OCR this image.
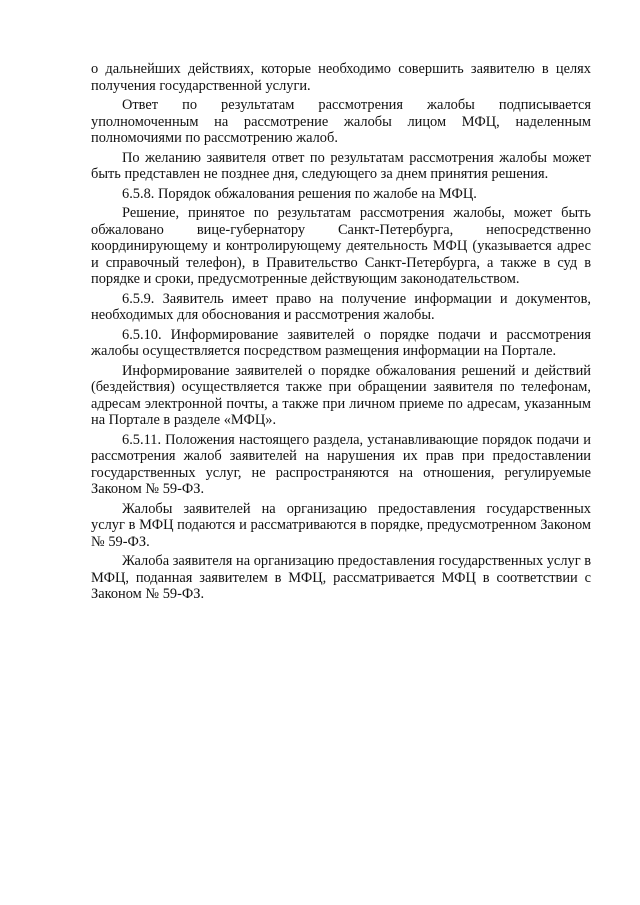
о дальнейших действиях, которые необходимо совершить заявителю в целях получения государственной услуги.

Ответ по результатам рассмотрения жалобы подписывается уполномоченным на рассмотрение жалобы лицом МФЦ, наделенным полномочиями по рассмотрению жалоб.

По желанию заявителя ответ по результатам рассмотрения жалобы может быть представлен не позднее дня, следующего за днем принятия решения.

6.5.8. Порядок обжалования решения по жалобе на МФЦ.

Решение, принятое по результатам рассмотрения жалобы, может быть обжаловано вице-губернатору Санкт-Петербурга, непосредственно координирующему и контролирующему деятельность МФЦ (указывается адрес и справочный телефон), в Правительство Санкт-Петербурга, а также в суд в порядке и сроки, предусмотренные действующим законодательством.

6.5.9. Заявитель имеет право на получение информации и документов, необходимых для обоснования и рассмотрения жалобы.

6.5.10. Информирование заявителей о порядке подачи и рассмотрения жалобы осуществляется посредством размещения информации на Портале.

Информирование заявителей о порядке обжалования решений и действий (бездействия) осуществляется также при обращении заявителя по телефонам, адресам электронной почты, а также при личном приеме по адресам, указанным на Портале в разделе «МФЦ».

6.5.11. Положения настоящего раздела, устанавливающие порядок подачи и рассмотрения жалоб заявителей на нарушения их прав при предоставлении государственных услуг, не распространяются на отношения, регулируемые Законом № 59-ФЗ.

Жалобы заявителей на организацию предоставления государственных услуг в МФЦ подаются и рассматриваются в порядке, предусмотренном Законом № 59-ФЗ.

Жалоба заявителя на организацию предоставления государственных услуг в МФЦ, поданная заявителем в МФЦ, рассматривается МФЦ в соответствии с Законом № 59-ФЗ.
